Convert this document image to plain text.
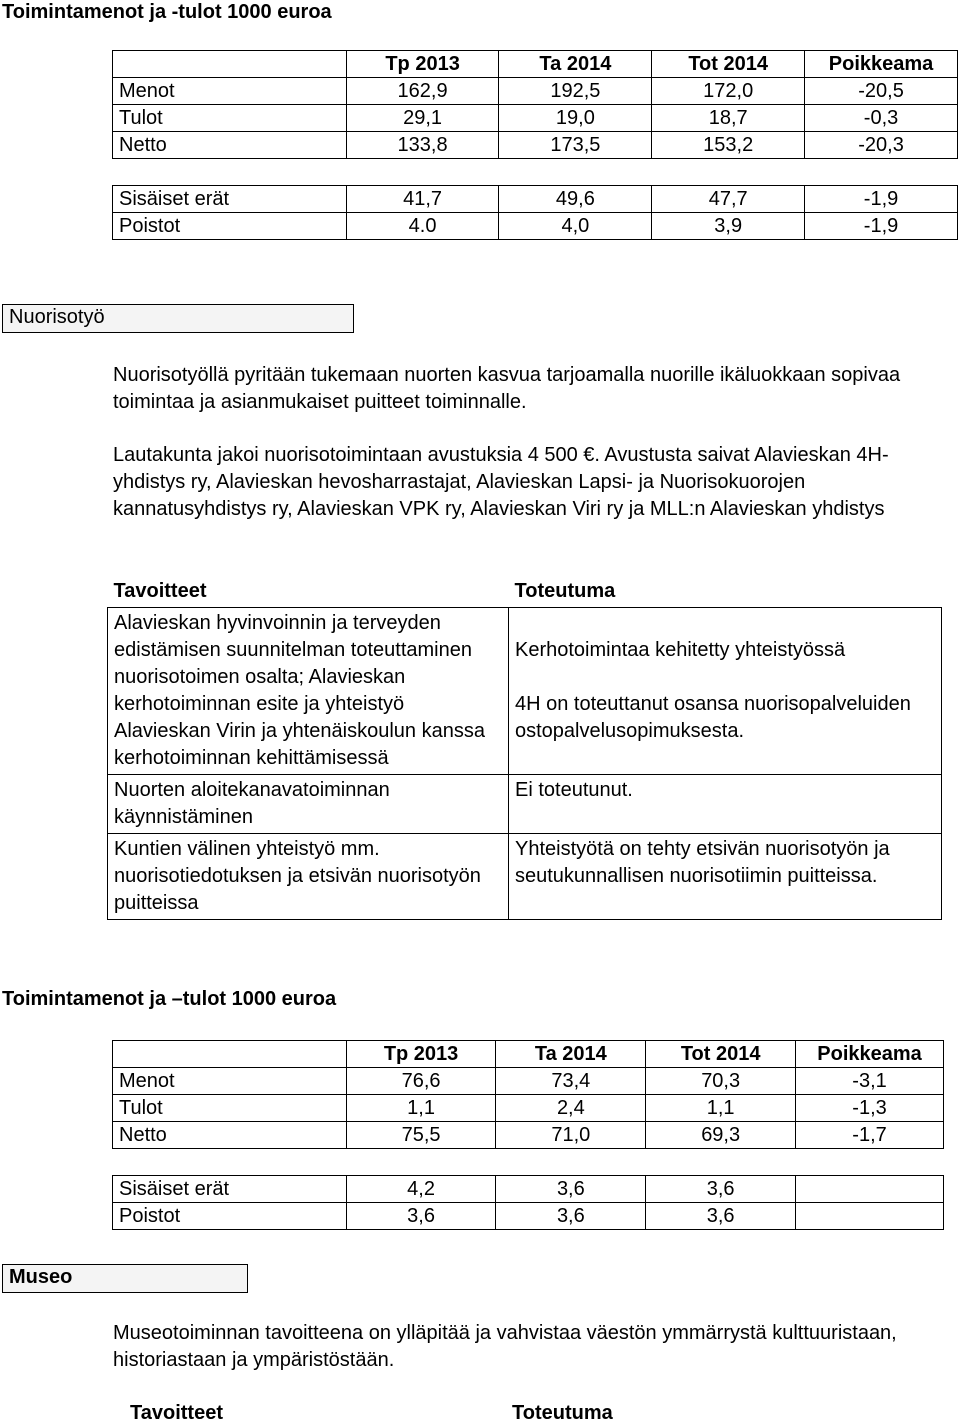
Toimintamenot ja -tulot 1000 euroa
	Tp 2013	Ta 2014	Tot 2014	Poikkeama
Menot	162,9	192,5	172,0	-20,5
Tulot	29,1	19,0	18,7	-0,3
Netto	133,8	173,5	153,2	-20,3

Sisäiset erät	41,7	49,6	47,7	-1,9
Poistot	4.0	4,0	3,9	-1,9
Nuorisotyö

Nuorisotyöllä pyritään tukemaan nuorten kasvua tarjoamalla nuorille ikäluokkaan sopivaa toimintaa ja asianmukaiset puitteet toiminnalle.

Lautakunta jakoi nuorisotoimintaan avustuksia 4 500 €. Avustusta saivat Alavieskan 4H-yhdistys ry, Alavieskan hevosharrastajat, Alavieskan Lapsi- ja Nuorisokuorojen kannatusyhdistys ry, Alavieskan VPK ry, Alavieskan Viri ry ja MLL:n Alavieskan yhdistys

Tavoitteet	Toteutuma
Alavieskan hyvinvoinnin ja terveyden edistämisen suunnitelman toteuttaminen nuorisotoimen osalta; Alavieskan kerhotoiminnan esite ja yhteistyö Alavieskan Virin ja yhtenäiskoulun kanssa kerhotoiminnan kehittämisessä	Kerhotoimintaa kehitetty yhteistyössä
4H on toteuttanut osansa nuorisopalveluiden ostopalvelusopimuksesta.
Nuorten aloitekanavatoiminnan käynnistäminen	Ei toteutunut.
Kuntien välinen yhteistyö mm. nuorisotiedotuksen ja etsivän nuorisotyön puitteissa	Yhteistyötä on tehty etsivän nuorisotyön ja seutukunnallisen nuorisotiimin puitteissa.
Toimintamenot ja –tulot 1000 euroa
	Tp 2013	Ta 2014	Tot 2014	Poikkeama
Menot	76,6	73,4	70,3	-3,1
Tulot	1,1	2,4	1,1	-1,3
Netto	75,5	71,0	69,3	-1,7

Sisäiset erät	4,2	3,6	3,6	
Poistot	3,6	3,6	3,6	
Museo

Museotoiminnan tavoitteena on ylläpitää ja vahvistaa väestön ymmärrystä kulttuuristaan, historiastaan ja ympäristöstään.

Tavoitteet	Toteutuma
